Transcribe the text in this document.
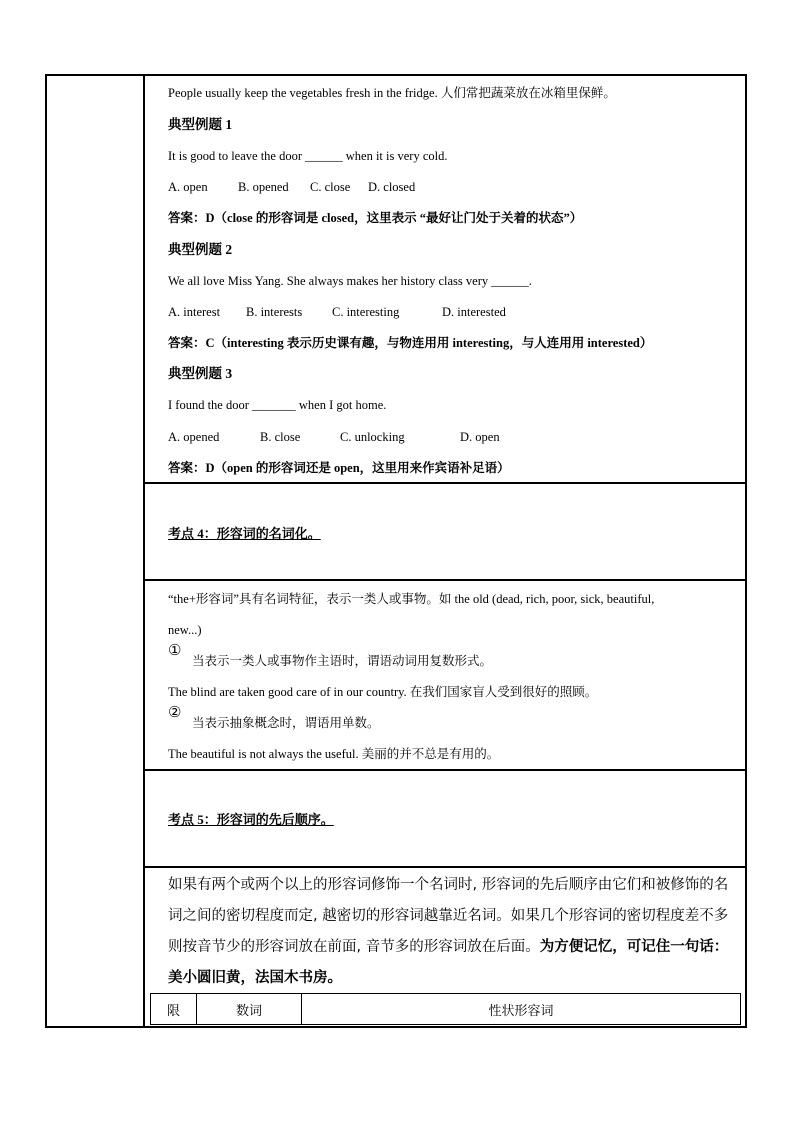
People usually keep the vegetables fresh in the fridge. 人们常把蔬菜放在冰箱里保鲜。
典型例题 1
It is good to leave the door ______ when it is very cold.
A. open B. opened C. close D. closed
答案：D（close 的形容词是 closed，这里表示 “最好让门处于关着的状态”）
典型例题 2
We all love Miss Yang. She always makes her history class very ______.
A. interest B. interests C. interesting	D. interested
答案：C（interesting 表示历史课有趣，与物连用用 interesting，与人连用用 interested）
典型例题 3
I found the door _______ when I got home.
A. opened	B. close	C. unlocking	D. open
答案：D（open 的形容词还是 open，这里用来作宾语补足语）
考点 4：形容词的名词化。
“the+形容词”具有名词特征，表示一类人或事物。如 the old (dead, rich, poor, sick, beautiful,
new...)
①
当表示一类人或事物作主语时，谓语动词用复数形式。
The blind are taken good care of in our country. 在我们国家盲人受到很好的照顾。
②
当表示抽象概念时，谓语用单数。
The beautiful is not always the useful. 美丽的并不总是有用的。
考点 5：形容词的先后顺序。
如果有两个或两个以上的形容词修饰一个名词时, 形容词的先后顺序由它们和被修饰的名词之间的密切程度而定, 越密切的形容词越靠近名词。如果几个形容词的密切程度差不多则按音节少的形容词放在前面, 音节多的形容词放在后面。为方便记忆，可记住一句话：美小圆旧黄，法国木书房。
限	数词	性状形容词
